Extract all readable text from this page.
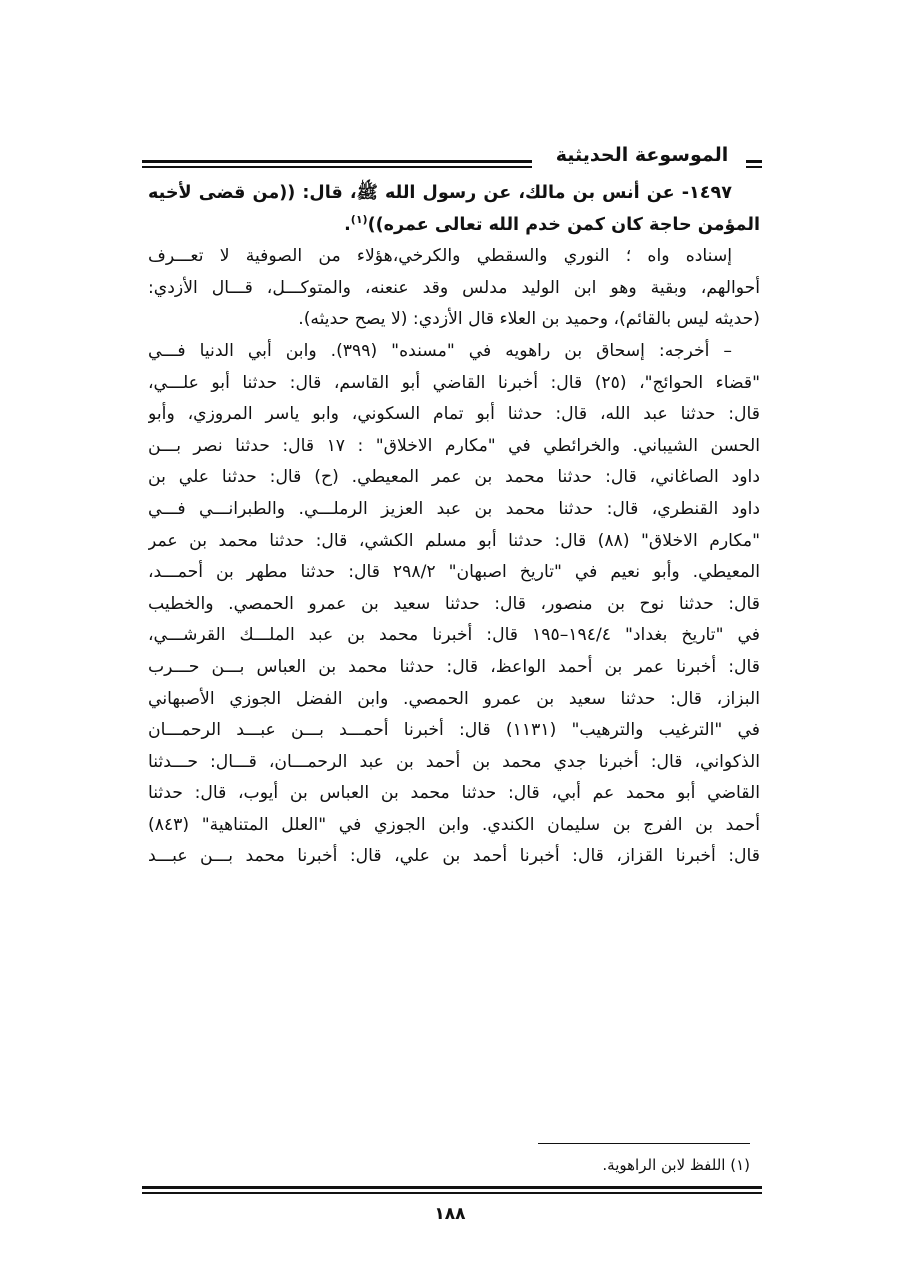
الموسوعة الحديثية
١٤٩٧- عن أنس بن مالك، عن رسول الله ﷺ، قال: ((من قضى لأخيه
المؤمن حاجة كان كمن خدم الله تعالى عمره))$^{(١)}$.
إسناده واه ؛ النوري والسقطي والكرخي،هؤلاء من الصوفية لا تعـــرف
أحوالهم، وبقية وهو ابن الوليد مدلس وقد عنعنه، والمتوكـــل، قـــال الأزدي:
(حديثه ليس بالقائم)، وحميد بن العلاء قال الأزدي: (لا يصح حديثه).
– أخرجه: إسحاق بن راهويه في "مسنده" (٣٩٩). وابن أبي الدنيا فـــي
"قضاء الحوائج"، (٢٥) قال: أخبرنا القاضي أبو القاسم، قال: حدثنا أبو علـــي،
قال: حدثنا عبد الله، قال: حدثنا أبو تمام السكوني، وابو ياسر المروزي، وأبو
الحسن الشيباني. والخرائطي في "مكارم الاخلاق" : ١٧ قال: حدثنا نصر بـــن
داود الصاغاني، قال: حدثنا محمد بن عمر المعيطي. (ح) قال: حدثنا علي بن
داود القنطري، قال: حدثنا محمد بن عبد العزيز الرملـــي. والطبرانـــي فـــي
"مكارم الاخلاق" (٨٨) قال: حدثنا أبو مسلم الكشي، قال: حدثنا محمد بن عمر
المعيطي. وأبو نعيم في "تاريخ اصبهان" ٢٩٨/٢ قال: حدثنا مطهر بن أحمـــد،
قال: حدثنا نوح بن منصور، قال: حدثنا سعيد بن عمرو الحمصي. والخطيب
في "تاريخ بغداد" ١٩٤/٤–١٩٥ قال: أخبرنا محمد بن عبد الملـــك القرشـــي،
قال: أخبرنا عمر بن أحمد الواعظ، قال: حدثنا محمد بن العباس بـــن حـــرب
البزاز، قال: حدثنا سعيد بن عمرو الحمصي. وابن الفضل الجوزي الأصبهاني
في "الترغيب والترهيب" (١١٣١) قال: أخبرنا أحمـــد بـــن عبـــد الرحمـــان
الذكواني، قال: أخبرنا جدي محمد بن أحمد بن عبد الرحمـــان، قـــال: حـــدثنا
القاضي أبو محمد عم أبي، قال: حدثنا محمد بن العباس بن أيوب، قال: حدثنا
أحمد بن الفرج بن سليمان الكندي. وابن الجوزي في "العلل المتناهية" (٨٤٣)
قال: أخبرنا القزاز، قال: أخبرنا أحمد بن علي، قال: أخبرنا محمد بـــن عبـــد
(١) اللفظ لابن الراهوية.
١٨٨
